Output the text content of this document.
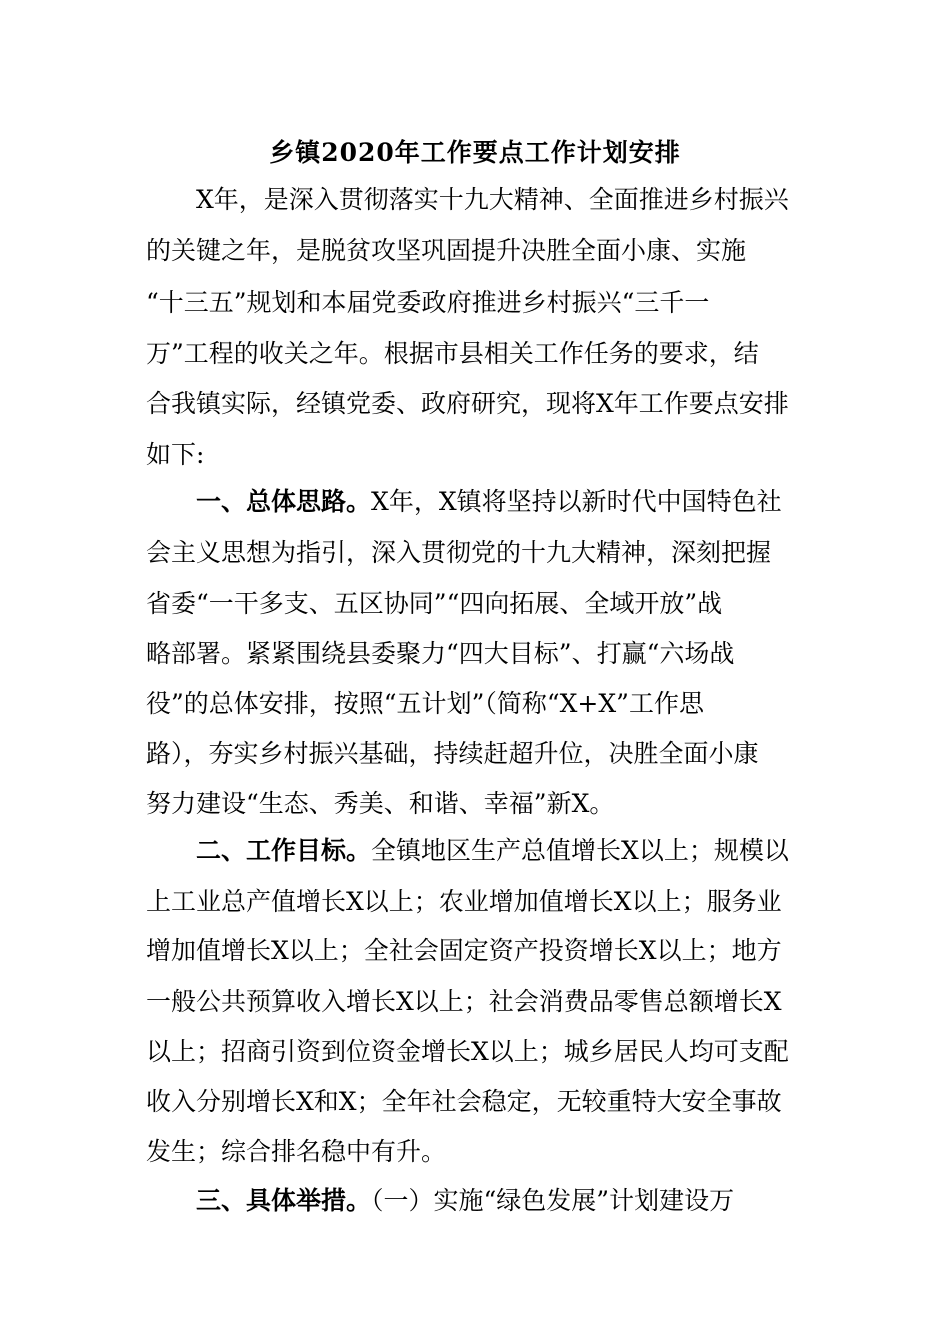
乡镇2020年工作要点工作计划安排
X年，是深入贯彻落实十九大精神、全面推进乡村振兴
的关键之年，是脱贫攻坚巩固提升决胜全面小康、实施
“十三五”规划和本届党委政府推进乡村振兴“三千一
万”工程的收关之年。根据市县相关工作任务的要求，结
合我镇实际，经镇党委、政府研究，现将X年工作要点安排
如下:
一、总体思路。X年，X镇将坚持以新时代中国特色社
会主义思想为指引，深入贯彻党的十九大精神，深刻把握
省委“一干多支、五区协同”“四向拓展、全域开放”战
略部署。紧紧围绕县委聚力“四大目标”、打赢“六场战
役”的总体安排，按照“五计划”（简称“X+X”工作思
路），夯实乡村振兴基础，持续赶超升位，决胜全面小康
努力建设“生态、秀美、和谐、幸福”新X。
二、工作目标。全镇地区生产总值增长X以上；规模以
上工业总产值增长X以上；农业增加值增长X以上；服务业
增加值增长X以上；全社会固定资产投资增长X以上；地方
一般公共预算收入增长X以上；社会消费品零售总额增长X
以上；招商引资到位资金增长X以上；城乡居民人均可支配
收入分别增长X和X；全年社会稳定，无较重特大安全事故
发生；综合排名稳中有升。
三、具体举措。（一）实施“绿色发展”计划建设万
